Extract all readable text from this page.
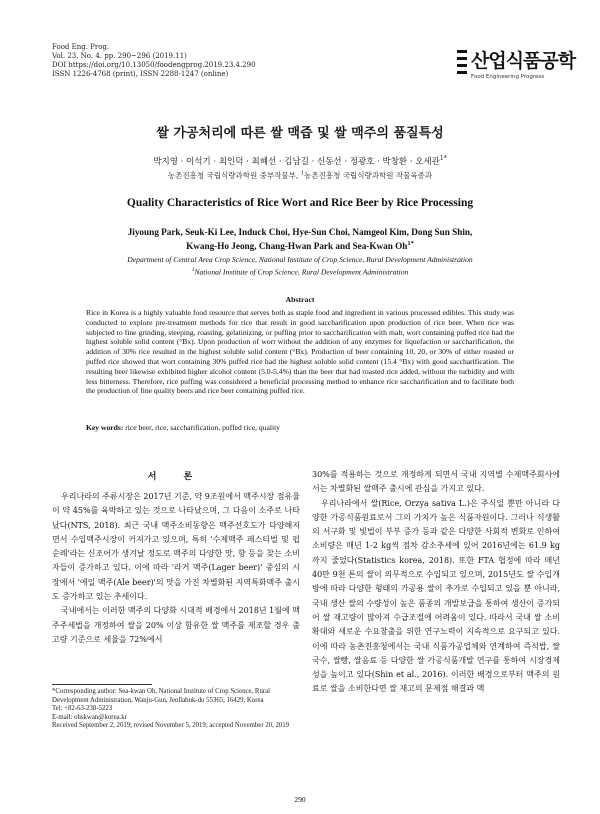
Food Eng. Prog.
Vol. 23, No. 4. pp. 290~296 (2019.11)
DOI https://doi.org/10.13050/foodengprog.2019.23.4.290
ISSN 1226-4768 (print), ISSN 2288-1247 (online)
산업식품공학
Food Engineering Progress
쌀 가공처리에 따른 쌀 맥즙 및 쌀 맥주의 품질특성
박지영 · 이석기 · 최인덕 · 최혜선 · 김남길 · 신동선 · 정광호 · 박창환 · 오세관$^{1*}$
농촌진흥청 국립식량과학원 중부작물부, $^1$농촌진흥청 국립식량과학원 작물육종과
Quality Characteristics of Rice Wort and Rice Beer by Rice Processing
Jiyoung Park, Seuk-Ki Lee, Induck Choi, Hye-Sun Choi, Namgeol Kim, Dong Sun Shin,
Kwang-Ho Jeong, Chang-Hwan Park and Sea-Kwan $Oh^{1*}$
Department of Central Area Crop Science, National Institute of Crop Science, Rural Development Administration
$^1$National Institute of Crop Science, Rural Development Administration
Abstract
Rice in Korea is a highly valuable food resource that serves both as staple food and ingredient in various processed edibles. This study was conducted to explore pre-treatment methods for rice that result in good saccharification upon production of rice beer. When rice was subjected to fine grinding, steeping, roasting, gelatinizing, or puffing prior to saccharification with malt, wort containing puffed rice had the highest soluble solid content (°Bx). Upon production of wort without the addition of any enzymes for liquefaction or saccharification, the addition of 30% rice resulted in the highest soluble solid content (°Bx). Production of beer containing 10, 20, or 30% of either roasted or puffed rice showed that wort containing 30% puffed rice had the highest soluble solid content (15.4 °Bx) with good saccharification. The resulting beer likewise exhibited higher alcohol content (5.0-5.4%) than the beer that had roasted rice added, without the turbidity and with less bitterness. Therefore, rice puffing was considered a beneficial processing method to enhance rice saccharification and to facilitate both the production of fine quality beers and rice beer containing puffed rice.
Key words: rice beer, rice, saccharification, puffed rice, quality
서 론

우리나라의 주류시장은 2017년 기준, 약 9조원에서 맥주시장 점유율이 약 45%를 육박하고 있는 것으로 나타났으며, 그 다음이 소주로 나타났다(NTS, 2018). 최근 국내 맥주소비동향은 맥주선호도가 다양해지면서 수입맥주시장이 커져가고 있으며, 특히 '수제맥주 페스티벌 및 펍순례'라는 신조어가 생겨날 정도로 맥주의 다양한 맛, 향 등을 찾는 소비자들이 증가하고 있다. 이에 따라 '라거 맥주(Lager beer)' 중심의 시장에서 '에일 맥주(Ale beer)'의 맛을 가진 차별화된 지역특화맥주 출시도 증가하고 있는 추세이다.

국내에서는 이러한 맥주의 다양화 시대적 배경에서 2018년 1월에 맥주주세법을 개정하여 쌀을 20% 이상 함유한 쌀 맥주를 제조할 경우 출고량 기준으로 세율을 72%에서

30%를 적용하는 것으로 개정하게 되면서 국내 지역별 수제맥주회사에서는 차별화된 쌀맥주 출시에 관심을 가지고 있다.

우리나라에서 쌀(Rice, Orzya sativa L.)은 주식일 뿐만 아니라 다양한 가공식품원료로서 그의 가치가 높은 식품자원이다. 그러나 식생활의 서구화 및 빛법이 부부 증가 등과 같은 다양한 사회적 변화로 인하여 소비량은 매년 1-2 kg씩 점차 감소추세에 있어 2016년에는 61.9 kg까지 줄었다(Statistics korea, 2018). 또한 FTA 협정에 따라 매년 40만 9천 톤의 쌀이 의무적으로 수입되고 있으며, 2015년도 쌀 수입개방에 따라 다양한 형태의 가공용 쌀이 추가로 수입되고 있을 뿐 아니라, 국내 생산 쌀의 수량성이 높은 품종의 개발보급을 통하여 생산이 증가되어 쌀 재고량이 많아져 수급조절에 어려움이 있다. 따라서 국내 쌀 소비확대와 새로운 수요창출을 위한 연구노력이 지속적으로 요구되고 있다. 이에 따라 농촌진흥청에서는 국내 식품가공업체와 연계하여 즉석밥, 쌀국수, 쌀빵, 쌀음료 등 다양한 쌀 가공식품개발 연구를 통하여 시장경제성을 높이고 있다(Shin et al., 2016). 이러한 배경으로부터 맥주의 원료로 쌀을 소비한다면 쌀 재고의 문제점 해결과 맥

*Corresponding author: Sea-kwan Oh, National Institute of Crop Science, Rural Development Administration, Wanju-Gun, Jeollabuk-do 55365, 16429, Korea
Tel: +82-63-238-5223
E-mail: ohskwan@korea.kr
Received September 2, 2019; revised November 5, 2019; accepted November 20, 2019
290
